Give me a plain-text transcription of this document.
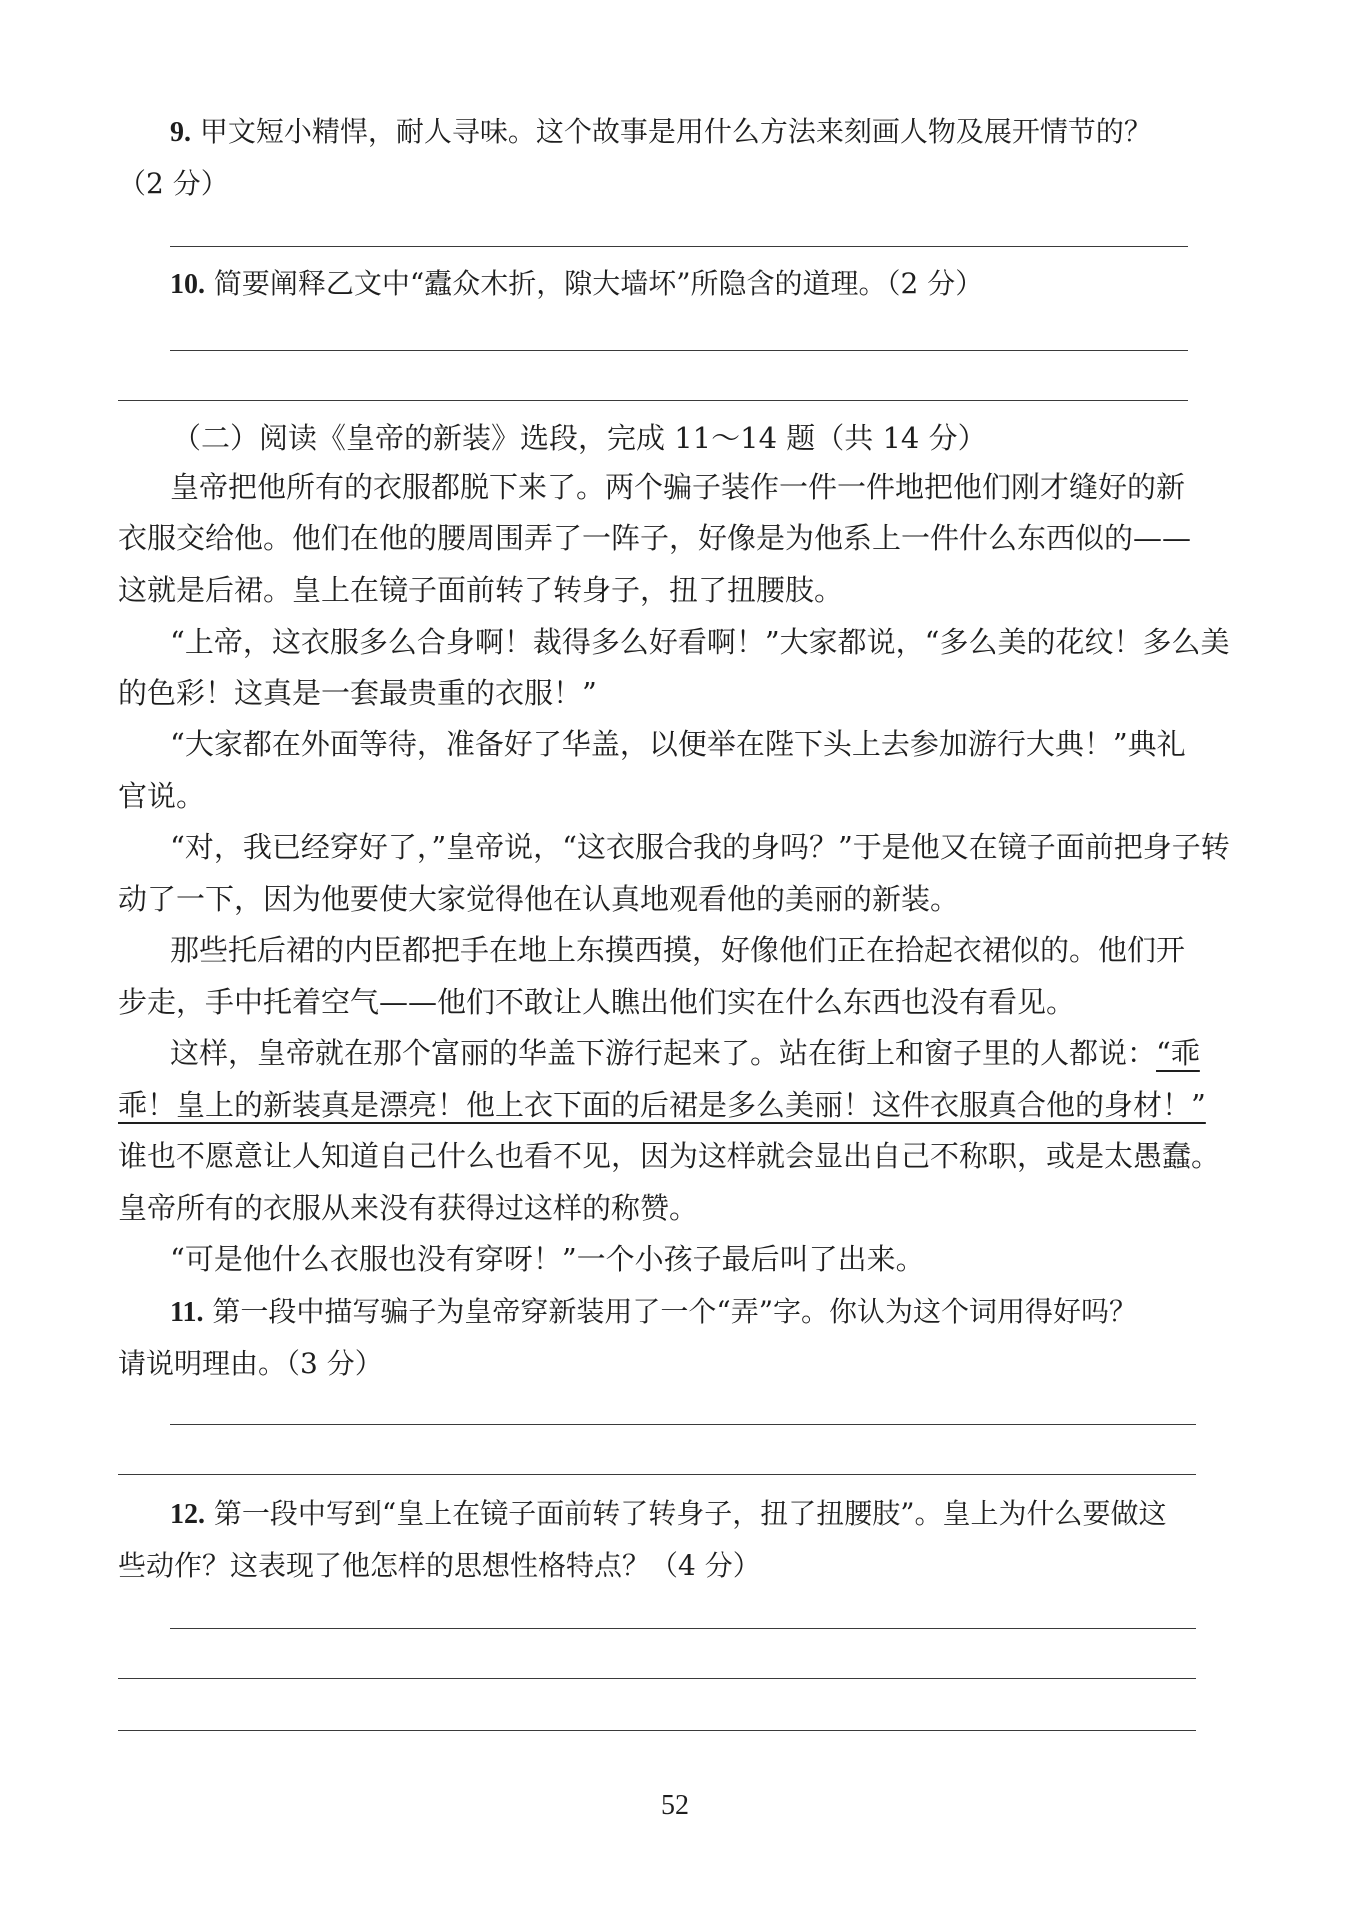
9. 甲文短小精悍，耐人寻味。这个故事是用什么方法来刻画人物及展开情节的？
（2 分）
10. 简要阐释乙文中“蠹众木折，隙大墙坏”所隐含的道理。（2 分）
（二）阅读《皇帝的新装》选段，完成 11～14 题（共 14 分）
皇帝把他所有的衣服都脱下来了。两个骗子装作一件一件地把他们刚才缝好的新
衣服交给他。他们在他的腰周围弄了一阵子，好像是为他系上一件什么东西似的——
这就是后裙。皇上在镜子面前转了转身子，扭了扭腰肢。
“上帝，这衣服多么合身啊！裁得多么好看啊！”大家都说，“多么美的花纹！多么美
的色彩！这真是一套最贵重的衣服！”
“大家都在外面等待，准备好了华盖，以便举在陛下头上去参加游行大典！”典礼
官说。
“对，我已经穿好了，”皇帝说，“这衣服合我的身吗？”于是他又在镜子面前把身子转
动了一下，因为他要使大家觉得他在认真地观看他的美丽的新装。
那些托后裙的内臣都把手在地上东摸西摸，好像他们正在拾起衣裙似的。他们开
步走，手中托着空气——他们不敢让人瞧出他们实在什么东西也没有看见。
这样，皇帝就在那个富丽的华盖下游行起来了。站在街上和窗子里的人都说：“乖
乖！皇上的新装真是漂亮！他上衣下面的后裙是多么美丽！这件衣服真合他的身材！”
谁也不愿意让人知道自己什么也看不见，因为这样就会显出自己不称职，或是太愚蠢。
皇帝所有的衣服从来没有获得过这样的称赞。
“可是他什么衣服也没有穿呀！”一个小孩子最后叫了出来。
11. 第一段中描写骗子为皇帝穿新装用了一个“弄”字。你认为这个词用得好吗？
请说明理由。（3 分）
12. 第一段中写到“皇上在镜子面前转了转身子，扭了扭腰肢”。皇上为什么要做这
些动作？这表现了他怎样的思想性格特点？（4 分）
52
